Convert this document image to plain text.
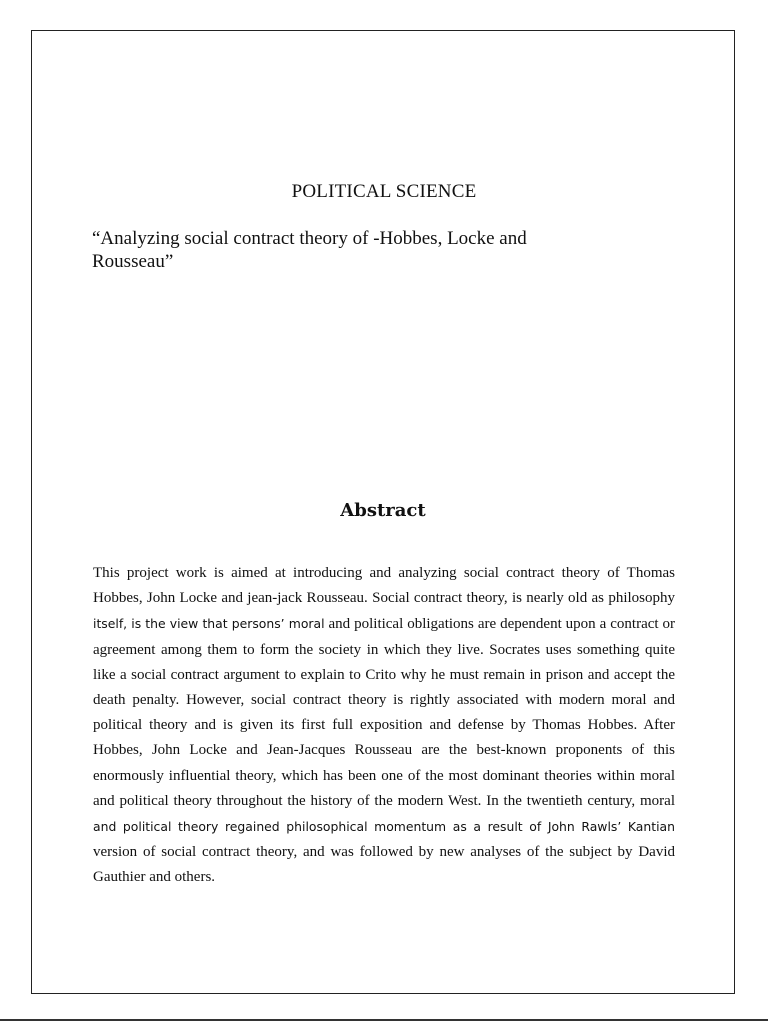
POLITICAL SCIENCE
“Analyzing social contract theory of -Hobbes, Locke and Rousseau”
Abstract

This project work is aimed at introducing and analyzing social contract theory of Thomas Hobbes, John Locke and jean-jack Rousseau. Social contract theory, is nearly old as philosophy itself, is the view that persons’ moral and political obligations are dependent upon a contract or agreement among them to form the society in which they live. Socrates uses something quite like a social contract argument to explain to Crito why he must remain in prison and accept the death penalty. However, social contract theory is rightly associated with modern moral and political theory and is given its first full exposition and defense by Thomas Hobbes. After Hobbes, John Locke and Jean-Jacques Rousseau are the best-known proponents of this enormously influential theory, which has been one of the most dominant theories within moral and political theory throughout the history of the modern West. In the twentieth century, moral and political theory regained philosophical momentum as a result of John Rawls’ Kantian version of social contract theory, and was followed by new analyses of the subject by David Gauthier and others.
